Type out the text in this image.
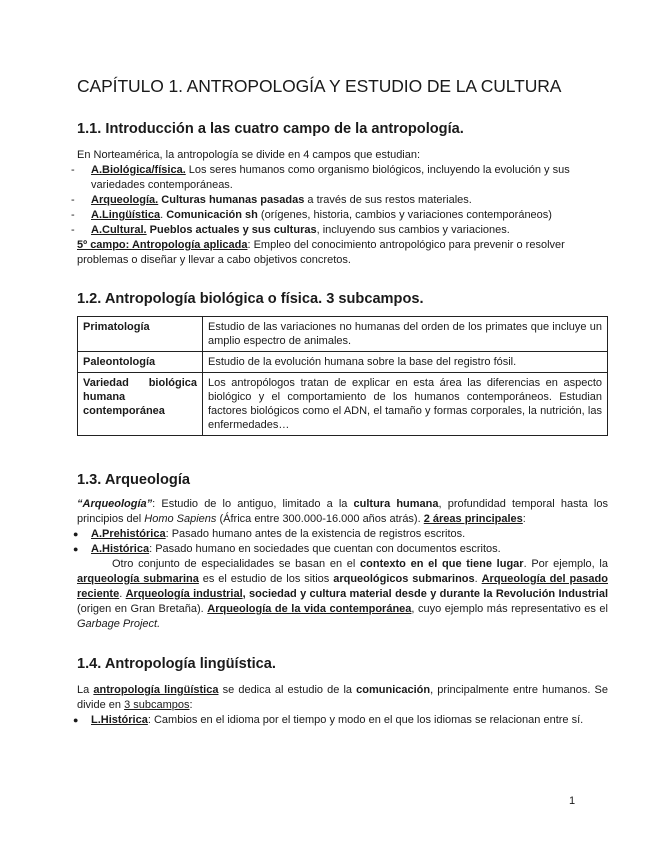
CAPÍTULO 1. ANTROPOLOGÍA Y ESTUDIO DE LA CULTURA
1.1. Introducción a las cuatro campo de la antropología.

En Norteamérica, la antropología se divide en 4 campos que estudian:

- A.Biológica/física. Los seres humanos como organismo biológicos, incluyendo la evolución y sus variedades contemporáneas.

- Arqueología. Culturas humanas pasadas a través de sus restos materiales.

- A.Lingüística. Comunicación sh (orígenes, historia, cambios y variaciones contemporáneos)

- A.Cultural. Pueblos actuales y sus culturas, incluyendo sus cambios y variaciones.

5º campo: Antropología aplicada: Empleo del conocimiento antropológico para prevenir o resolver problemas o diseñar y llevar a cabo objetivos concretos.

1.2. Antropología biológica o física. 3 subcampos.
Primatología	Estudio de las variaciones no humanas del orden de los primates que incluye un amplio espectro de animales.
Paleontología	Estudio de la evolución humana sobre la base del registro fósil.
Variedad biológica humana contemporánea	Los antropólogos tratan de explicar en esta área las diferencias en aspecto biológico y el comportamiento de los humanos contemporáneos. Estudian factores biológicos como el ADN, el tamaño y formas corporales, la nutrición, las enfermedades…
1.3. Arqueología

“Arqueología”: Estudio de lo antiguo, limitado a la cultura humana, profundidad temporal hasta los principios del Homo Sapiens (África entre 300.000-16.000 años atrás). 2 áreas principales:

● A.Prehistórica: Pasado humano antes de la existencia de registros escritos.

● A.Histórica: Pasado humano en sociedades que cuentan con documentos escritos.

Otro conjunto de especialidades se basan en el contexto en el que tiene lugar. Por ejemplo, la arqueología submarina es el estudio de los sitios arqueológicos submarinos. Arqueología del pasado reciente. Arqueología industrial, sociedad y cultura material desde y durante la Revolución Industrial (origen en Gran Bretaña). Arqueología de la vida contemporánea, cuyo ejemplo más representativo es el Garbage Project.

1.4. Antropología lingüística.

La antropología lingüística se dedica al estudio de la comunicación, principalmente entre humanos. Se divide en 3 subcampos:

● L.Histórica: Cambios en el idioma por el tiempo y modo en el que los idiomas se relacionan entre sí.

1
